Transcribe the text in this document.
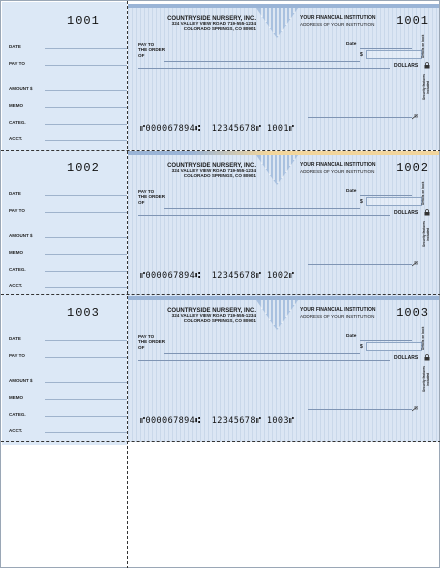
1001
DATE
PAY TO
AMOUNT $
MEMO
CATEG.
ACCT.
COUNTRYSIDE NURSERY, INC.
324 VALLEY VIEW ROAD 719-555-1234
COLORADO SPRINGS, CO 80901
YOUR FINANCIAL INSTITUTION
ADDRESS OF YOUR INSTITUTION 1001
PAY TO
THE ORDER
OF
Date
$
DOLLARS
Details on back
Security features included
⑈000067894⑆  12345678⑈ 1001⑈
1002
DATE
PAY TO
AMOUNT $
MEMO
CATEG.
ACCT.
COUNTRYSIDE NURSERY, INC.
324 VALLEY VIEW ROAD 719-555-1234
COLORADO SPRINGS, CO 80901
YOUR FINANCIAL INSTITUTION
ADDRESS OF YOUR INSTITUTION 1002
PAY TO
THE ORDER
OF
Date
$
DOLLARS
Details on back
Security features included
⑈000067894⑆  12345678⑈ 1002⑈
1003
DATE
PAY TO
AMOUNT $
MEMO
CATEG.
ACCT.
COUNTRYSIDE NURSERY, INC.
324 VALLEY VIEW ROAD 719-555-1234
COLORADO SPRINGS, CO 80901
YOUR FINANCIAL INSTITUTION
ADDRESS OF YOUR INSTITUTION 1003
PAY TO
THE ORDER
OF
Date
$
DOLLARS
Details on back
Security features included
⑈000067894⑆  12345678⑈ 1003⑈
